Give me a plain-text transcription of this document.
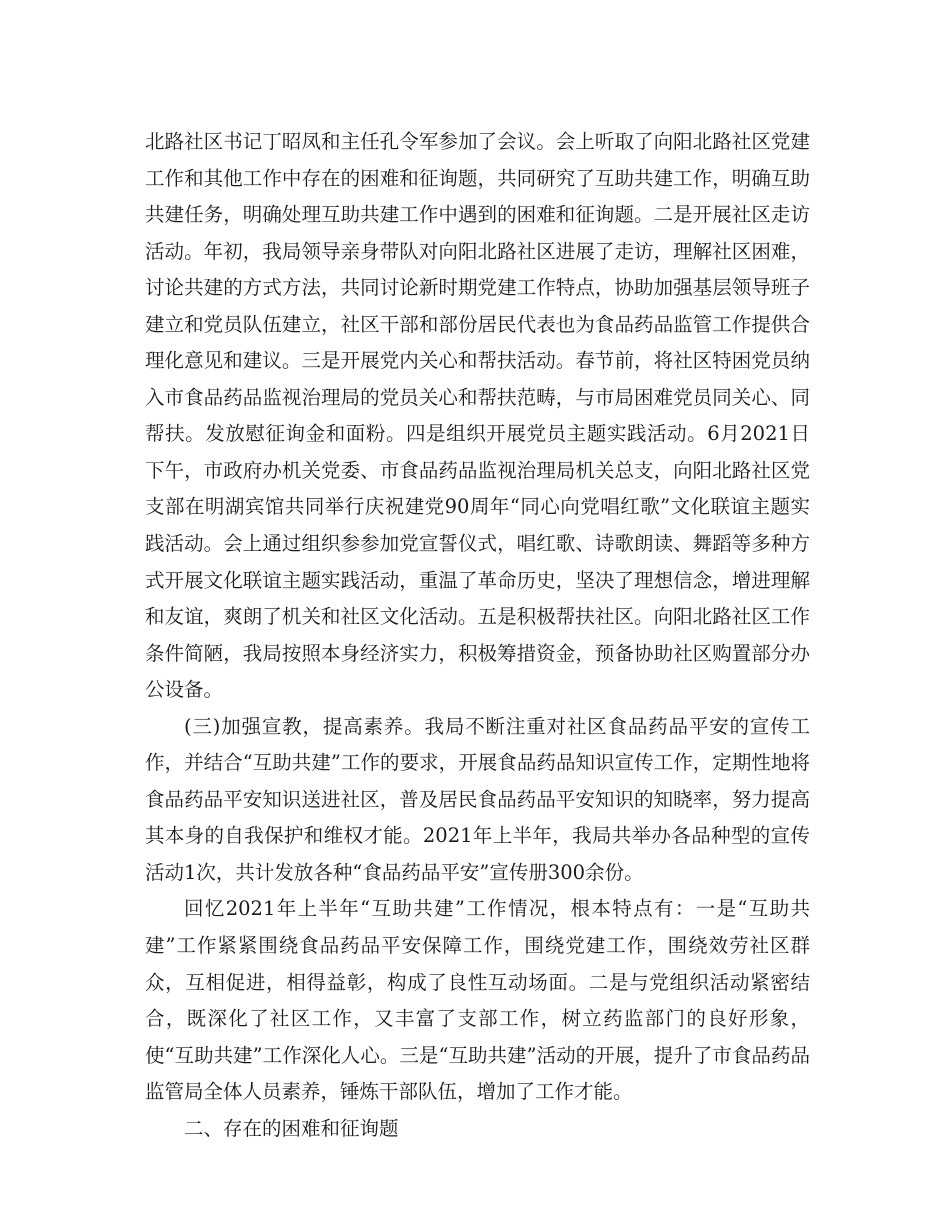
北路社区书记丁昭凤和主任孔令军参加了会议。会上听取了向阳北路社区党建工作和其他工作中存在的困难和征询题，共同研究了互助共建工作，明确互助共建任务，明确处理互助共建工作中遇到的困难和征询题。二是开展社区走访活动。年初，我局领导亲身带队对向阳北路社区进展了走访，理解社区困难，讨论共建的方式方法，共同讨论新时期党建工作特点，协助加强基层领导班子建立和党员队伍建立，社区干部和部份居民代表也为食品药品监管工作提供合理化意见和建议。三是开展党内关心和帮扶活动。春节前，将社区特困党员纳入市食品药品监视治理局的党员关心和帮扶范畴，与市局困难党员同关心、同帮扶。发放慰征询金和面粉。四是组织开展党员主题实践活动。6月2021日下午，市政府办机关党委、市食品药品监视治理局机关总支，向阳北路社区党支部在明湖宾馆共同举行庆祝建党90周年“同心向党唱红歌”文化联谊主题实践活动。会上通过组织参参加党宣誓仪式，唱红歌、诗歌朗读、舞蹈等多种方式开展文化联谊主题实践活动，重温了革命历史，坚决了理想信念，增进理解和友谊，爽朗了机关和社区文化活动。五是积极帮扶社区。向阳北路社区工作条件简陋，我局按照本身经济实力，积极筹措资金，预备协助社区购置部分办公设备。

(三)加强宣教，提高素养。我局不断注重对社区食品药品平安的宣传工作，并结合“互助共建”工作的要求，开展食品药品知识宣传工作，定期性地将食品药品平安知识送进社区，普及居民食品药品平安知识的知晓率，努力提高其本身的自我保护和维权才能。2021年上半年，我局共举办各品种型的宣传活动1次，共计发放各种“食品药品平安”宣传册300余份。

回忆2021年上半年“互助共建”工作情况，根本特点有：一是“互助共建”工作紧紧围绕食品药品平安保障工作，围绕党建工作，围绕效劳社区群众，互相促进，相得益彰，构成了良性互动场面。二是与党组织活动紧密结合，既深化了社区工作，又丰富了支部工作，树立药监部门的良好形象，使“互助共建”工作深化人心。三是“互助共建”活动的开展，提升了市食品药品监管局全体人员素养，锤炼干部队伍，增加了工作才能。

二、存在的困难和征询题
